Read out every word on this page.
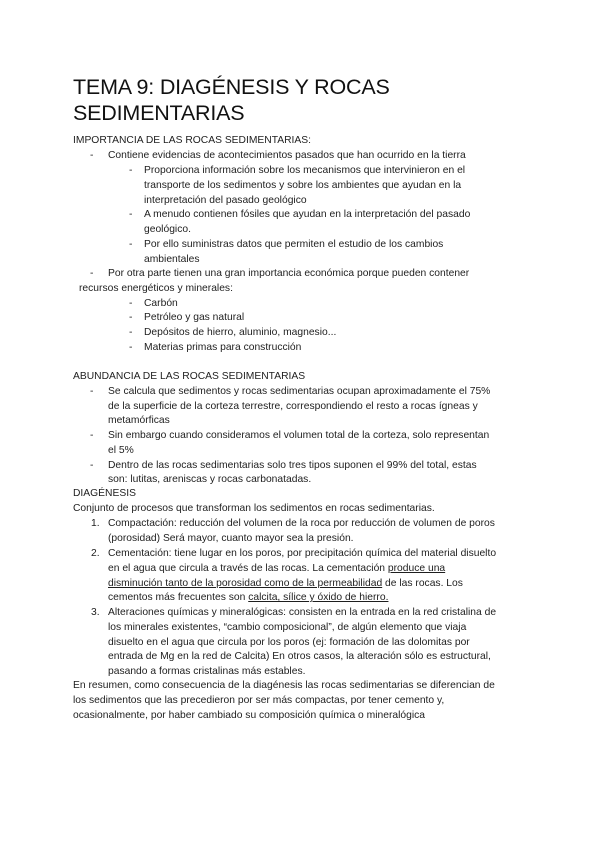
TEMA 9: DIAGÉNESIS Y ROCAS
SEDIMENTARIAS
IMPORTANCIA DE LAS ROCAS SEDIMENTARIAS:
- Contiene evidencias de acontecimientos pasados que han ocurrido en la tierra
- Proporciona información sobre los mecanismos que intervinieron en el
transporte de los sedimentos y sobre los ambientes que ayudan en la
interpretación del pasado geológico
- A menudo contienen fósiles que ayudan en la interpretación del pasado
geológico.
- Por ello suministras datos que permiten el estudio de los cambios
ambientales
- Por otra parte tienen una gran importancia económica porque pueden contener
recursos energéticos y minerales:
- Carbón
- Petróleo y gas natural
- Depósitos de hierro, aluminio, magnesio...
- Materias primas para construcción
ABUNDANCIA DE LAS ROCAS SEDIMENTARIAS
- Se calcula que sedimentos y rocas sedimentarias ocupan aproximadamente el 75%
de la superficie de la corteza terrestre, correspondiendo el resto a rocas ígneas y
metamórficas
- Sin embargo cuando consideramos el volumen total de la corteza, solo representan
el 5%
- Dentro de las rocas sedimentarias solo tres tipos suponen el 99% del total, estas
son: lutitas, areniscas y rocas carbonatadas.
DIAGÉNESIS
Conjunto de procesos que transforman los sedimentos en rocas sedimentarias.
1. Compactación: reducción del volumen de la roca por reducción de volumen de poros
(porosidad) Será mayor, cuanto mayor sea la presión.
2. Cementación: tiene lugar en los poros, por precipitación química del material disuelto
en el agua que circula a través de las rocas. La cementación produce una
disminución tanto de la porosidad como de la permeabilidad de las rocas. Los
cementos más frecuentes son calcita, sílice y óxido de hierro.
3. Alteraciones químicas y mineralógicas: consisten en la entrada en la red cristalina de
los minerales existentes, “cambio composicional”, de algún elemento que viaja
disuelto en el agua que circula por los poros (ej: formación de las dolomitas por
entrada de Mg en la red de Calcita) En otros casos, la alteración sólo es estructural,
pasando a formas cristalinas más estables.
En resumen, como consecuencia de la diagénesis las rocas sedimentarias se diferencian de
los sedimentos que las precedieron por ser más compactas, por tener cemento y,
ocasionalmente, por haber cambiado su composición química o mineralógica
